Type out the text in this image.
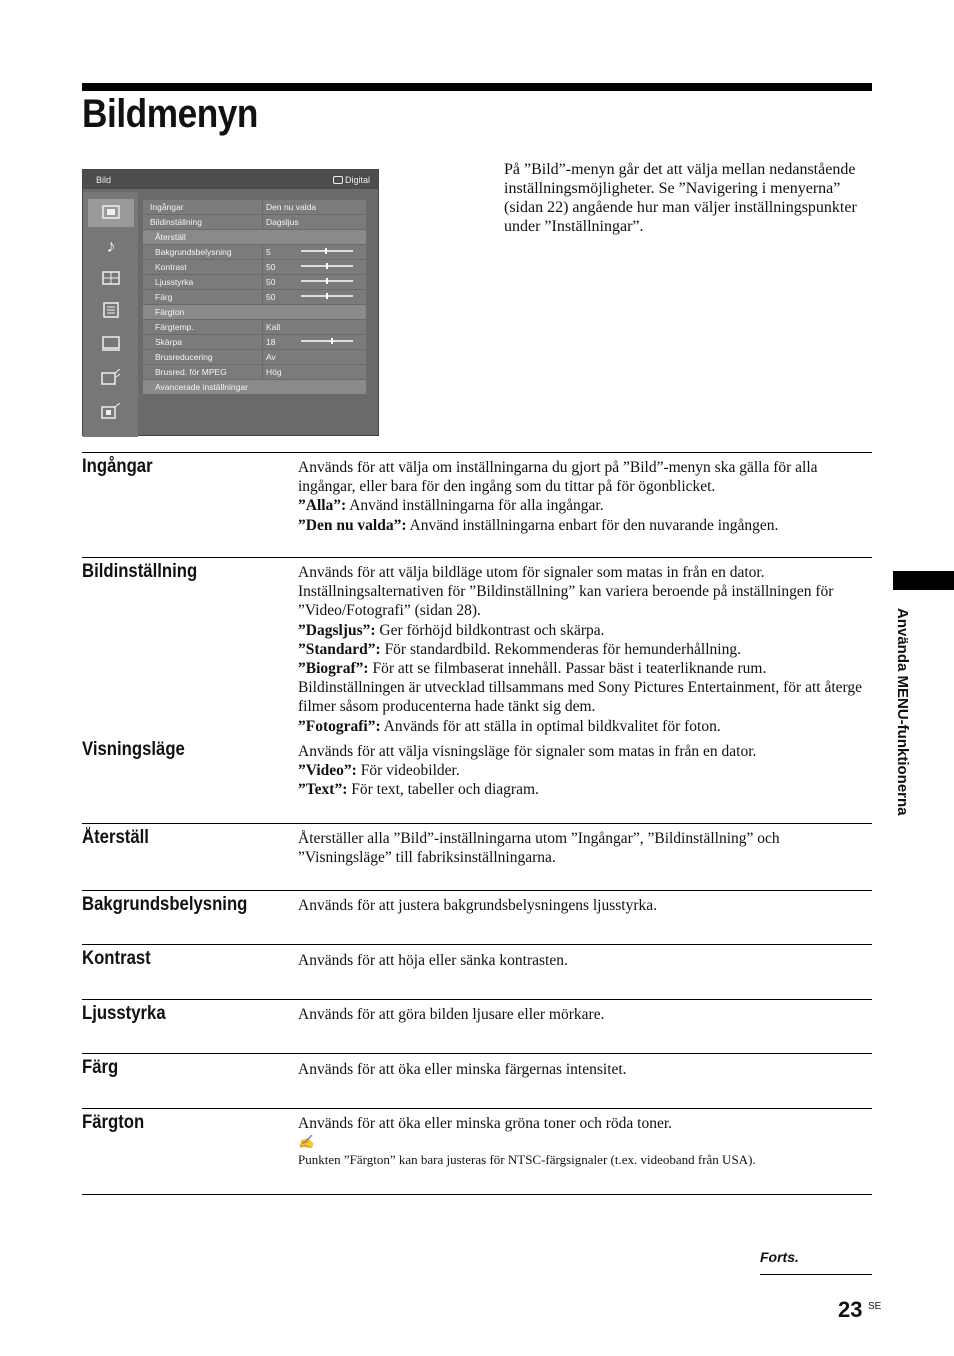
Bildmenyn
Bild	Digital
♪
Ingångar	Den nu valda
Bildinställning	Dagsljus
Återställ
Bakgrundsbelysning	5
Kontrast	50
Ljusstyrka	50
Färg	50
Färgton
Färgtemp.	Kall
Skärpa	18
Brusreducering	Av
Brusred. för MPEG	Hög
Avancerade inställningar
På ”Bild”-menyn går det att välja mellan nedanstående inställningsmöjligheter. Se ”Navigering i menyerna” (sidan 22) angående hur man väljer inställningspunkter under ”Inställningar”.
Ingångar	Används för att välja om inställningarna du gjort på ”Bild”-menyn ska gälla för alla ingångar, eller bara för den ingång som du tittar på för ögonblicket.
”Alla”: Använd inställningarna för alla ingångar.
”Den nu valda”: Använd inställningarna enbart för den nuvarande ingången.
Bildinställning	Används för att välja bildläge utom för signaler som matas in från en dator. Inställningsalternativen för ”Bildinställning” kan variera beroende på inställningen för ”Video/Fotografi” (sidan 28).
”Dagsljus”: Ger förhöjd bildkontrast och skärpa.
”Standard”: För standardbild. Rekommenderas för hemunderhållning.
”Biograf”: För att se filmbaserat innehåll. Passar bäst i teaterliknande rum. Bildinställningen är utvecklad tillsammans med Sony Pictures Entertainment, för att återge filmer såsom producenterna hade tänkt sig dem.
”Fotografi”: Används för att ställa in optimal bildkvalitet för foton.
Visningsläge	Används för att välja visningsläge för signaler som matas in från en dator.
”Video”: För videobilder.
”Text”: För text, tabeller och diagram.
Återställ	Återställer alla ”Bild”-inställningarna utom ”Ingångar”, ”Bildinställning” och ”Visningsläge” till fabriksinställningarna.
Bakgrundsbelysning	Används för att justera bakgrundsbelysningens ljusstyrka.
Kontrast	Används för att höja eller sänka kontrasten.
Ljusstyrka	Används för att göra bilden ljusare eller mörkare.
Färg	Används för att öka eller minska färgernas intensitet.
Färgton	Används för att öka eller minska gröna toner och röda toner.
✍
Punkten ”Färgton” kan bara justeras för NTSC-färgsignaler (t.ex. videoband från USA).
Använda MENU-funktionerna
Forts.
23 SE
